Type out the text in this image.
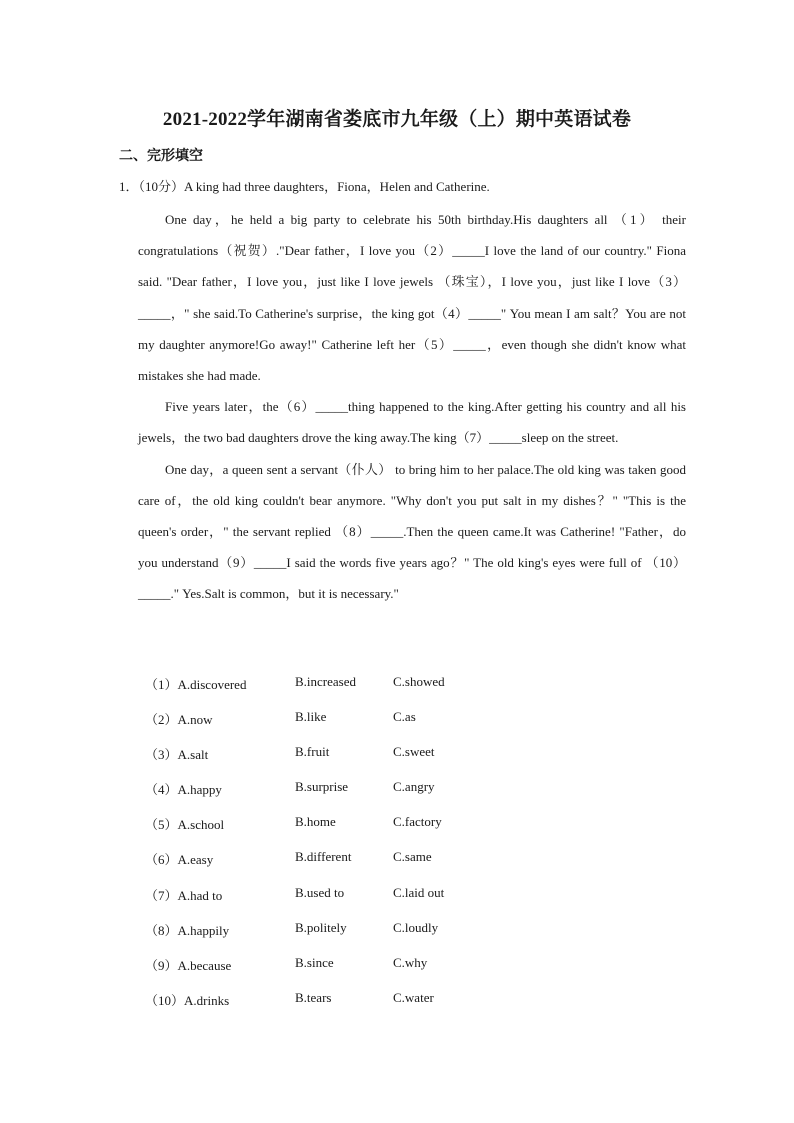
2021-2022学年湖南省娄底市九年级（上）期中英语试卷
二、完形填空
1．（10分）A king had three daughters，Fiona，Helen and Catherine.

One day，he held a big party to celebrate his 50th birthday.His daughters all （1） their congratulations（祝贺）."Dear father，I love you（2）_____I love the land of our country." Fiona said. "Dear father，I love you，just like I love jewels （珠宝），I love you，just like I love（3）_____，" she said.To Catherine's surprise，the king got（4）_____" You mean I am salt？You are not my daughter anymore!Go away!" Catherine left her（5）_____，even though she didn't know what mistakes she had made.

Five years later，the（6）_____thing happened to the king.After getting his country and all his jewels，the two bad daughters drove the king away.The king（7）_____sleep on the street.

One day，a queen sent a servant（仆人） to bring him to her palace.The old king was taken good care of，the old king couldn't bear anymore. "Why don't you put salt in my dishes？" "This is the queen's order，" the servant replied （8）_____.Then the queen came.It was Catherine! "Father，do you understand（9）_____I said the words five years ago？" The old king's eyes were full of （10）_____." Yes.Salt is common，but it is necessary."

（1）A.discovered	B.increased	C.showed
（2）A.now	B.like	C.as
（3）A.salt	B.fruit	C.sweet
（4）A.happy	B.surprise	C.angry
（5）A.school	B.home	C.factory
（6）A.easy	B.different	C.same
（7）A.had to	B.used to	C.laid out
（8）A.happily	B.politely	C.loudly
（9）A.because	B.since	C.why
（10）A.drinks	B.tears	C.water
